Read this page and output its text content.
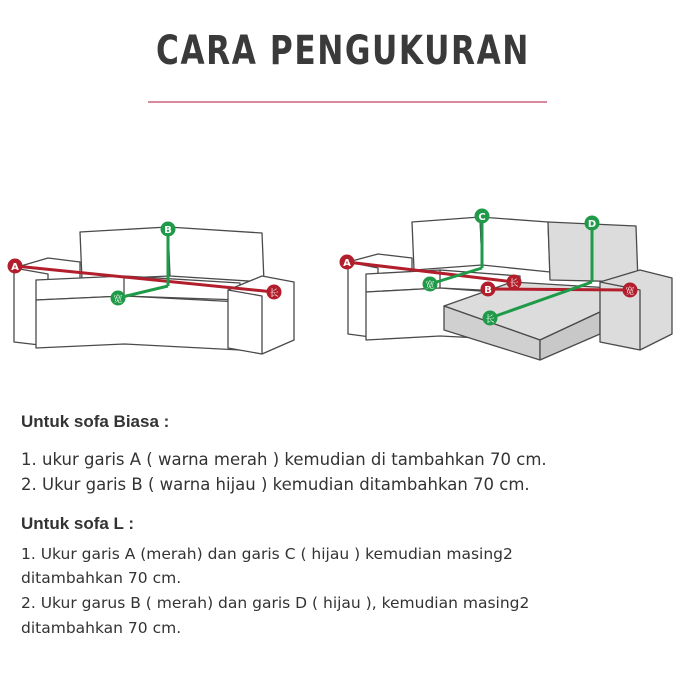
CARA PENGUKURAN
A
B
宽
长
A
C
D
宽	长
B	宽
长
Untuk sofa Biasa :
1. ukur garis A ( warna merah ) kemudian di tambahkan 70 cm.
2. Ukur garis B ( warna hijau ) kemudian ditambahkan 70 cm.
Untuk sofa L :
1. Ukur garis A (merah) dan garis C ( hijau ) kemudian masing2
ditambahkan 70 cm.
2. Ukur garus B ( merah) dan garis D ( hijau ), kemudian masing2
ditambahkan 70 cm.
